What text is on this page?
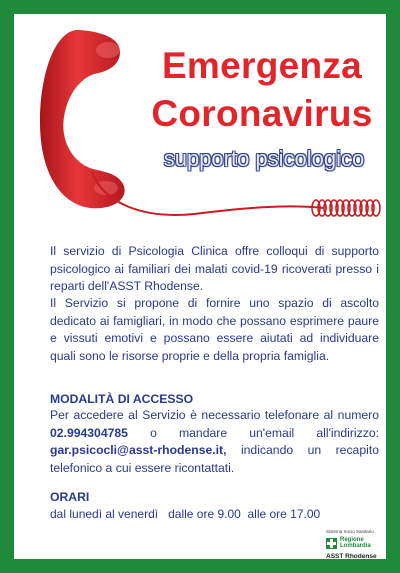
Emergenza
Coronavirus
supporto psicologico
Il servizio di Psicologia Clinica offre colloqui di supporto psicologico ai familiari dei malati covid-19 ricoverati presso i reparti dell'ASST Rhodense.
Il Servizio si propone di fornire uno spazio di ascolto dedicato ai famigliari, in modo che possano esprimere paure e vissuti emotivi e possano essere aiutati ad individuare quali sono le risorse proprie e della propria famiglia.
MODALITÀ DI ACCESSO
Per accedere al Servizio è necessario telefonare al numero 02.994304785 o mandare un'email all'indirizzo: gar.psicocli@asst-rhodense.it, indicando un recapito telefonico a cui essere ricontattati.
ORARI
dal lunedì al venerdì dalle ore 9.00  alle ore 17.00
Sistema Socio Sanitario
Regione
Lombardia
ASST Rhodense
